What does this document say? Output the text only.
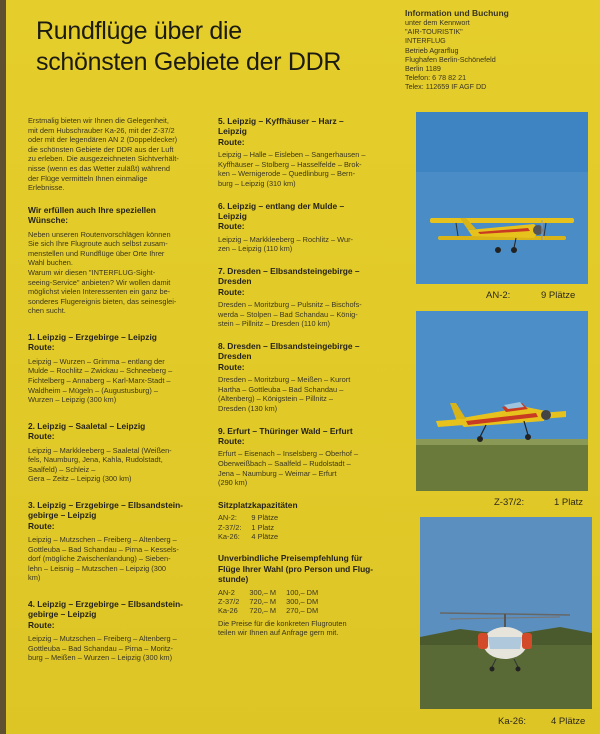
Rundflüge über die
schönsten Gebiete der DDR
Information und Buchung
unter dem Kennwort
"AIR-TOURISTIK"
INTERFLUG
Betrieb Agrarflug
Flughafen Berlin-Schönefeld
Berlin 1189
Telefon: 6 78 82 21
Telex: 112659 IF AGF DD
Erstmalig bieten wir Ihnen die Gelegenheit,
mit dem Hubschrauber Ka-26, mit der Z-37/2
oder mit der legendären AN 2 (Doppeldecker)
die schönsten Gebiete der DDR aus der Luft
zu erleben. Die ausgezeichneten Sichtverhält-
nisse (wenn es das Wetter zuläßt) während
der Flüge vermitteln Ihnen einmalige
Erlebnisse.
Wir erfüllen auch Ihre speziellen
Wünsche:
Neben unseren Routenvorschlägen können
Sie sich Ihre Flugroute auch selbst zusam-
menstellen und Rundflüge über Orte Ihrer
Wahl buchen.
Warum wir diesen "INTERFLUG-Sight-
seeing-Service" anbieten? Wir wollen damit
möglichst vielen Interessenten ein ganz be-
sonderes Flugereignis bieten, das seinesglei-
chen sucht.
1. Leipzig – Erzgebirge – Leipzig
Route:
Leipzig – Wurzen – Grimma – entlang der
Mulde – Rochlitz – Zwickau – Schneeberg –
Fichtelberg – Annaberg – Karl-Marx-Stadt –
Waldheim – Mügeln – (Augustusburg) –
Wurzen – Leipzig (300 km)
2. Leipzig – Saaletal – Leipzig
Route:
Leipzig – Markkleeberg – Saaletal (Weißen-
fels, Naumburg, Jena, Kahla, Rudolstadt,
Saalfeld) – Schleiz –
Gera – Zeitz – Leipzig (300 km)
3. Leipzig – Erzgebirge – Elbsandstein-
gebirge – Leipzig
Route:
Leipzig – Mutzschen – Freiberg – Altenberg –
Gottleuba – Bad Schandau – Pirna – Kessels-
dorf (mögliche Zwischenlandung) – Sieben-
lehn – Leisnig – Mutzschen – Leipzig (300
km)
4. Leipzig – Erzgebirge – Elbsandstein-
gebirge – Leipzig
Route:
Leipzig – Mutzschen – Freiberg – Altenberg –
Gottleuba – Bad Schandau – Pirna – Moritz-
burg – Meißen – Wurzen – Leipzig (300 km)
5. Leipzig – Kyffhäuser – Harz –
Leipzig
Route:
Leipzig – Halle – Eisleben – Sangerhausen –
Kyffhäuser – Stolberg – Hasselfelde – Brok-
ken – Wernigerode – Quedlinburg – Bern-
burg – Leipzig (310 km)
6. Leipzig – entlang der Mulde –
Leipzig
Route:
Leipzig – Markkleeberg – Rochlitz – Wur-
zen – Leipzig (110 km)
7. Dresden – Elbsandsteingebirge –
Dresden
Route:
Dresden – Moritzburg – Pulsnitz – Bischofs-
werda – Stolpen – Bad Schandau – König-
stein – Pillnitz – Dresden (110 km)
8. Dresden – Elbsandsteingebirge –
Dresden
Route:
Dresden – Moritzburg – Meißen – Kurort
Hartha – Gottleuba – Bad Schandau –
(Altenberg) – Königstein – Pillnitz –
Dresden (130 km)
9. Erfurt – Thüringer Wald – Erfurt
Route:
Erfurt – Eisenach – Inselsberg – Oberhof –
Oberweißbach – Saalfeld – Rudolstadt –
Jena – Naumburg – Weimar – Erfurt
(290 km)
Sitzplatzkapazitäten
AN-2:	9 Plätze
Z-37/2:	1 Platz
Ka-26:	4 Plätze
Unverbindliche Preisempfehlung für
Flüge Ihrer Wahl (pro Person und Flug-
stunde)
AN-2	300,– M	100,– DM
Z-37/2	720,– M	300,– DM
Ka-26	720,– M	270,– DM
Die Preise für die konkreten Flugrouten
teilen wir Ihnen auf Anfrage gern mit.
AN-2:	9 Plätze
Z-37/2:	1 Platz
Ka-26:	4 Plätze
